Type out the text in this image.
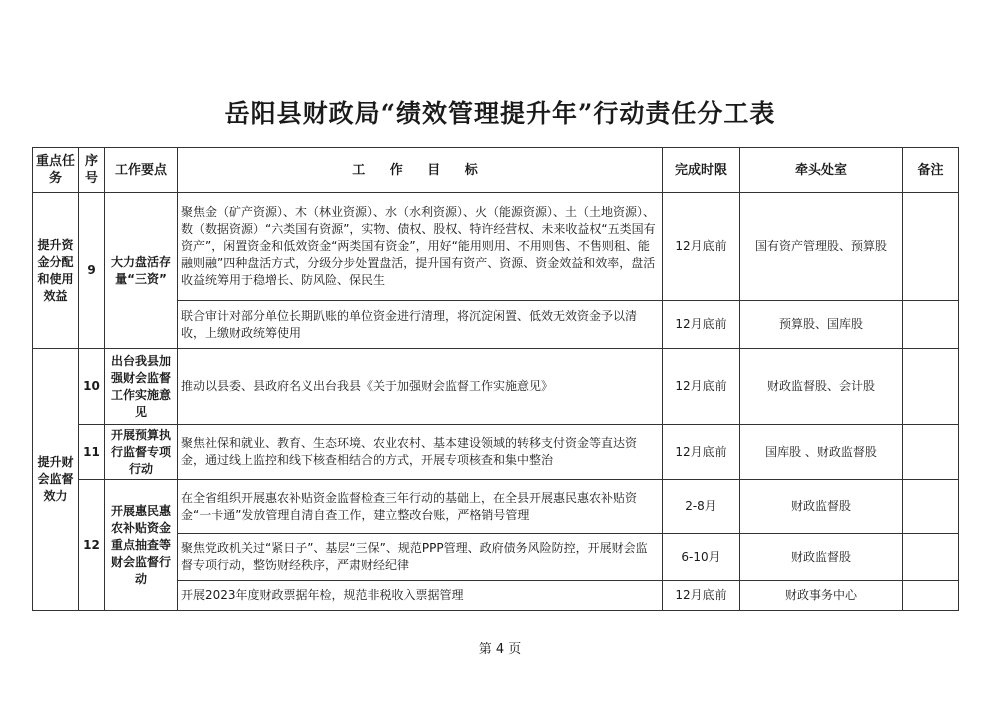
岳阳县财政局“绩效管理提升年”行动责任分工表
重点任务	序号	工作要点	工 作 目 标	完成时限	牵头处室	备注
提升资金分配和使用效益	9	大力盘活存量“三资”	聚焦金（矿产资源）、木（林业资源）、水（水利资源）、火（能源资源）、土（土地资源）、数（数据资源）“六类国有资源”，实物、债权、股权、特许经营权、未来收益权“五类国有资产”，闲置资金和低效资金“两类国有资金”，用好“能用则用、不用则售、不售则租、能融则融”四种盘活方式，分级分步处置盘活，提升国有资产、资源、资金效益和效率，盘活收益统筹用于稳增长、防风险、保民生	12月底前	国有资产管理股、预算股	
			联合审计对部分单位长期趴账的单位资金进行清理，将沉淀闲置、低效无效资金予以清收，上缴财政统筹使用	12月底前	预算股、国库股	
提升财会监督效力	10	出台我县加强财会监督工作实施意见	推动以县委、县政府名义出台我县《关于加强财会监督工作实施意见》	12月底前	财政监督股、会计股	
	11	开展预算执行监督专项行动	聚焦社保和就业、教育、生态环境、农业农村、基本建设领域的转移支付资金等直达资金，通过线上监控和线下核查相结合的方式，开展专项核查和集中整治	12月底前	国库股 、财政监督股	
	12	开展惠民惠农补贴资金重点抽查等财会监督行动	在全省组织开展惠农补贴资金监督检查三年行动的基础上，在全县开展惠民惠农补贴资金“一卡通”发放管理自清自查工作，建立整改台账，严格销号管理	2-8月	财政监督股	
			聚焦党政机关过“紧日子”、基层“三保”、规范PPP管理、政府债务风险防控，开展财会监督专项行动，整饬财经秩序，严肃财经纪律	6-10月	财政监督股	
			开展2023年度财政票据年检，规范非税收入票据管理	12月底前	财政事务中心	
第 4 页
